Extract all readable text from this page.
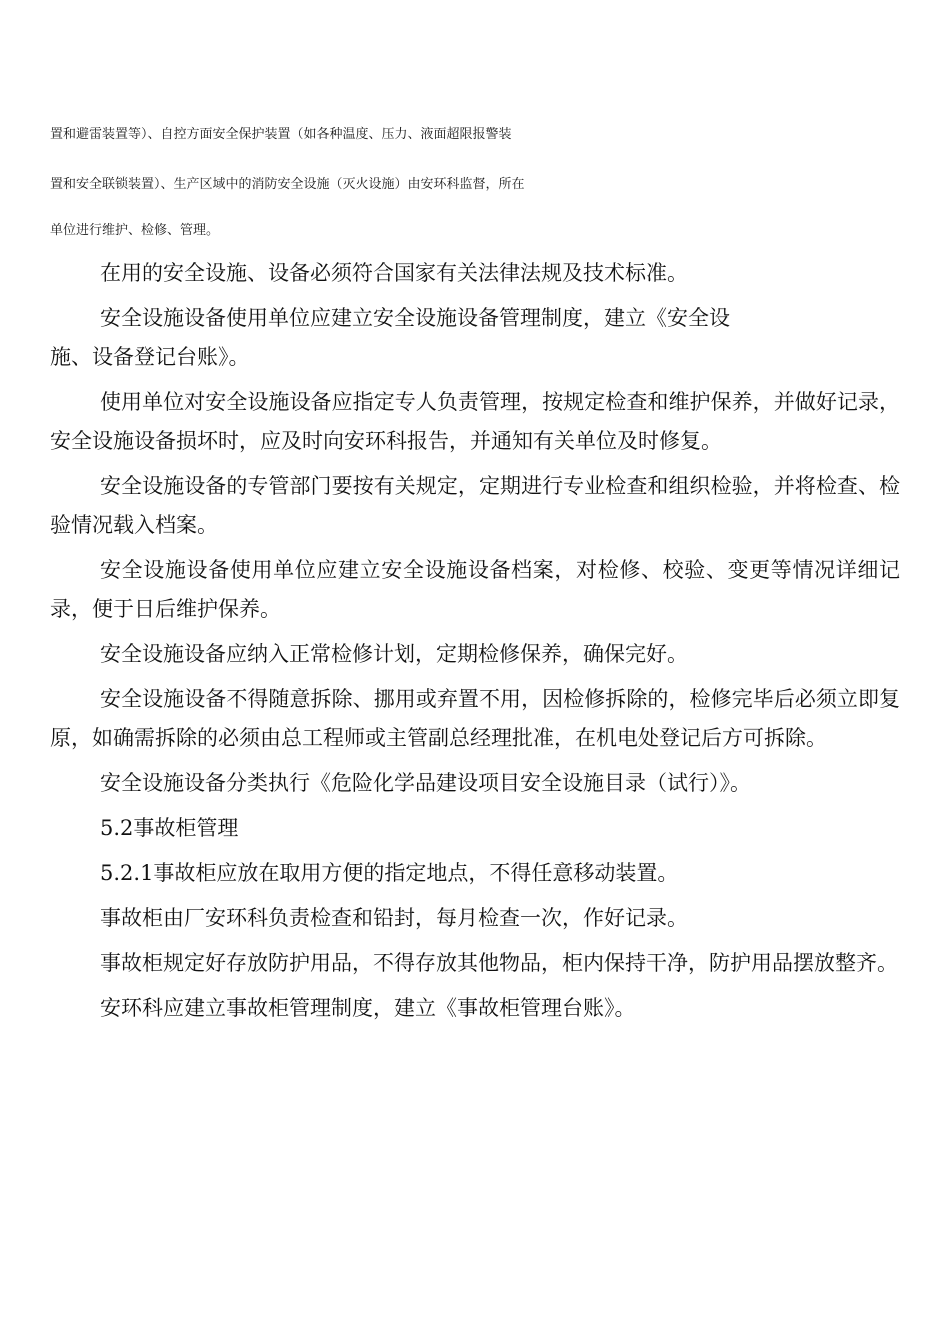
置和避雷装置等）、自控方面安全保护装置（如各种温度、压力、液面超限报警装
置和安全联锁装置）、生产区域中的消防安全设施（灭火设施）由安环科监督，所在
单位进行维护、检修、管理。

在用的安全设施、设备必须符合国家有关法律法规及技术标准。

安全设施设备使用单位应建立安全设施设备管理制度，建立《安全设

施、设备登记台账》。

使用单位对安全设施设备应指定专人负责管理，按规定检查和维护保养，并做好记录，安全设施设备损坏时，应及时向安环科报告，并通知有关单位及时修复。

安全设施设备的专管部门要按有关规定，定期进行专业检查和组织检验，并将检查、检验情况载入档案。

安全设施设备使用单位应建立安全设施设备档案，对检修、校验、变更等情况详细记录，便于日后维护保养。

安全设施设备应纳入正常检修计划，定期检修保养，确保完好。

安全设施设备不得随意拆除、挪用或弃置不用，因检修拆除的，检修完毕后必须立即复原，如确需拆除的必须由总工程师或主管副总经理批准，在机电处登记后方可拆除。

安全设施设备分类执行《危险化学品建设项目安全设施目录（试行）》。

5.2事故柜管理

5.2.1事故柜应放在取用方便的指定地点，不得任意移动装置。

事故柜由厂安环科负责检查和铅封，每月检查一次，作好记录。

事故柜规定好存放防护用品，不得存放其他物品，柜内保持干净，防护用品摆放整齐。

安环科应建立事故柜管理制度，建立《事故柜管理台账》。
